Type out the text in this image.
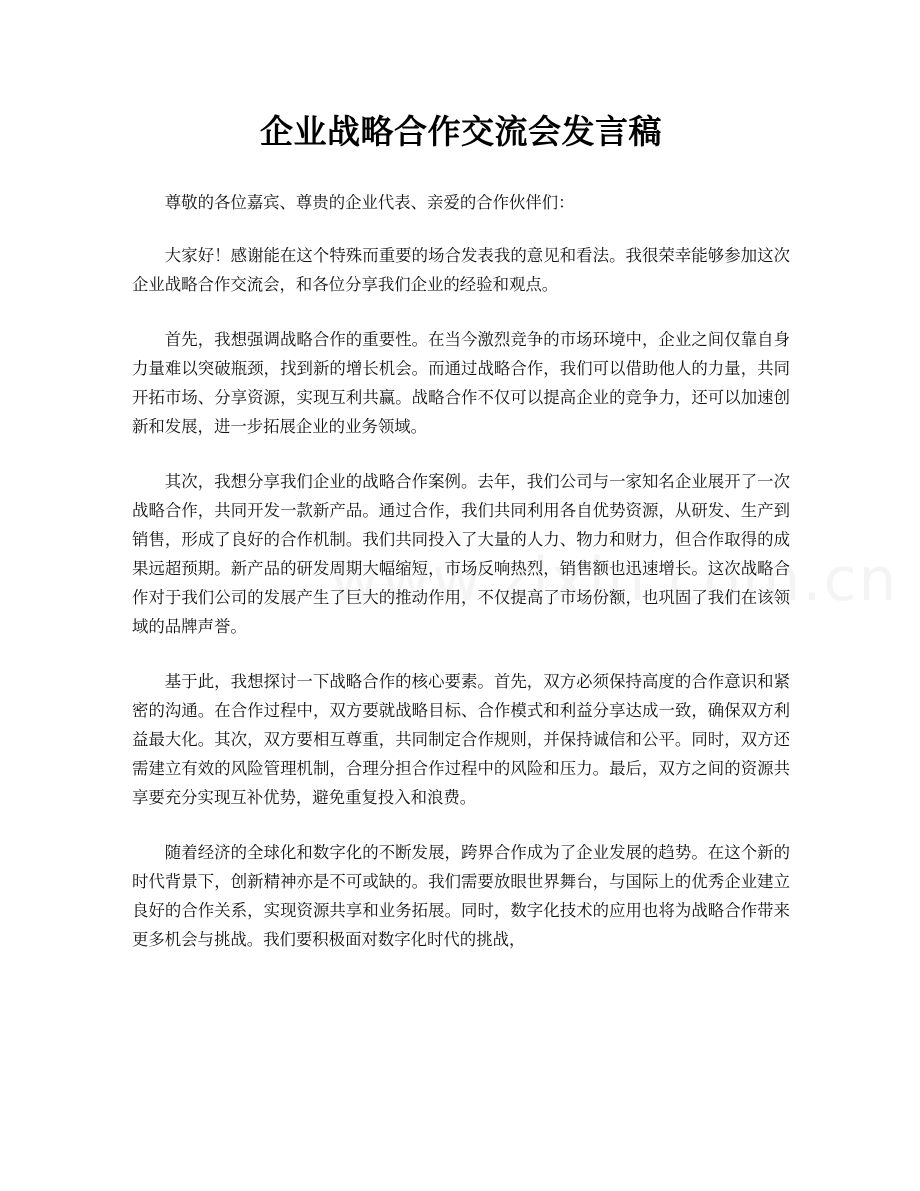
企业战略合作交流会发言稿

尊敬的各位嘉宾、尊贵的企业代表、亲爱的合作伙伴们：

大家好！感谢能在这个特殊而重要的场合发表我的意见和看法。我很荣幸能够参加这次企业战略合作交流会，和各位分享我们企业的经验和观点。

首先，我想强调战略合作的重要性。在当今激烈竞争的市场环境中，企业之间仅靠自身力量难以突破瓶颈，找到新的增长机会。而通过战略合作，我们可以借助他人的力量，共同开拓市场、分享资源，实现互利共赢。战略合作不仅可以提高企业的竞争力，还可以加速创新和发展，进一步拓展企业的业务领域。

其次，我想分享我们企业的战略合作案例。去年，我们公司与一家知名企业展开了一次战略合作，共同开发一款新产品。通过合作，我们共同利用各自优势资源，从研发、生产到销售，形成了良好的合作机制。我们共同投入了大量的人力、物力和财力，但合作取得的成果远超预期。新产品的研发周期大幅缩短，市场反响热烈，销售额也迅速增长。这次战略合作对于我们公司的发展产生了巨大的推动作用，不仅提高了市场份额，也巩固了我们在该领域的品牌声誉。

基于此，我想探讨一下战略合作的核心要素。首先，双方必须保持高度的合作意识和紧密的沟通。在合作过程中，双方要就战略目标、合作模式和利益分享达成一致，确保双方利益最大化。其次，双方要相互尊重，共同制定合作规则，并保持诚信和公平。同时，双方还需建立有效的风险管理机制，合理分担合作过程中的风险和压力。最后，双方之间的资源共享要充分实现互补优势，避免重复投入和浪费。

随着经济的全球化和数字化的不断发展，跨界合作成为了企业发展的趋势。在这个新的时代背景下，创新精神亦是不可或缺的。我们需要放眼世界舞台，与国际上的优秀企业建立良好的合作关系，实现资源共享和业务拓展。同时，数字化技术的应用也将为战略合作带来更多机会与挑战。我们要积极面对数字化时代的挑战，
